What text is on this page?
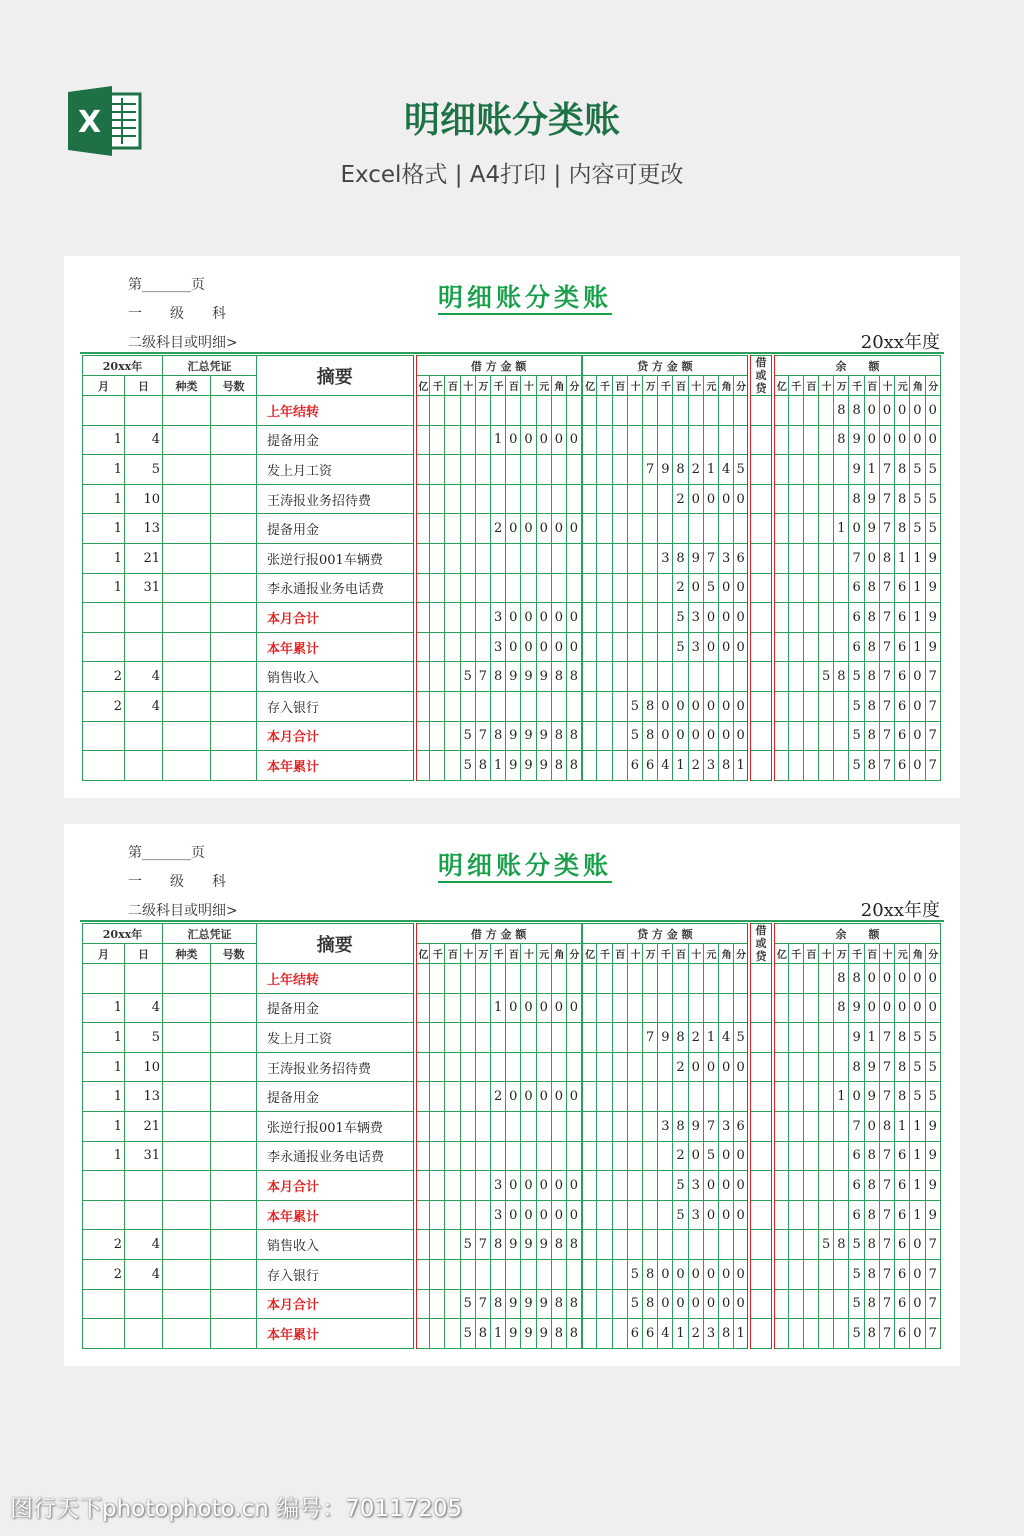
X	明细账分类账
Excel格式 | A4打印 | 内容可更改
第_______页
一　　级　　科
二级科目或明细>
明细账分类账
20xx年度
20xx年		汇总凭证		摘要	借 方 金 额											贷 方 金 额											借或贷	余　　额										
月	日	种类	号数		亿	千	百	十	万	千	百	十	元	角	分	亿	千	百	十	万	千	百	十	元	角	分		亿	千	百	十	万	千	百	十	元	角	分
				上年结转																												8	8	0	0	0	0	0
1	4			提备用金						1	0	0	0	0	0																	8	9	0	0	0	0	0
1	5			发上月工资																7	9	8	2	1	4	5							9	1	7	8	5	5
1	10			王涛报业务招待费																		2	0	0	0	0							8	9	7	8	5	5
1	13			提备用金						2	0	0	0	0	0																	1	0	9	7	8	5	5
1	21			张逆行报001车辆费																	3	8	9	7	3	6							7	0	8	1	1	9
1	31			李永通报业务电话费																		2	0	5	0	0							6	8	7	6	1	9
				本月合计						3	0	0	0	0	0							5	3	0	0	0							6	8	7	6	1	9
				本年累计						3	0	0	0	0	0							5	3	0	0	0							6	8	7	6	1	9
2	4			销售收入				5	7	8	9	9	9	8	8																5	8	5	8	7	6	0	7
2	4			存入银行															5	8	0	0	0	0	0	0							5	8	7	6	0	7
				本月合计				5	7	8	9	9	9	8	8				5	8	0	0	0	0	0	0							5	8	7	6	0	7
				本年累计				5	8	1	9	9	9	8	8				6	6	4	1	2	3	8	1							5	8	7	6	0	7
第_______页
一　　级　　科
二级科目或明细>
明细账分类账
20xx年度
20xx年		汇总凭证		摘要	借 方 金 额											贷 方 金 额											借或贷	余　　额										
月	日	种类	号数		亿	千	百	十	万	千	百	十	元	角	分	亿	千	百	十	万	千	百	十	元	角	分		亿	千	百	十	万	千	百	十	元	角	分
				上年结转																												8	8	0	0	0	0	0
1	4			提备用金						1	0	0	0	0	0																	8	9	0	0	0	0	0
1	5			发上月工资																7	9	8	2	1	4	5							9	1	7	8	5	5
1	10			王涛报业务招待费																		2	0	0	0	0							8	9	7	8	5	5
1	13			提备用金						2	0	0	0	0	0																	1	0	9	7	8	5	5
1	21			张逆行报001车辆费																	3	8	9	7	3	6							7	0	8	1	1	9
1	31			李永通报业务电话费																		2	0	5	0	0							6	8	7	6	1	9
				本月合计						3	0	0	0	0	0							5	3	0	0	0							6	8	7	6	1	9
				本年累计						3	0	0	0	0	0							5	3	0	0	0							6	8	7	6	1	9
2	4			销售收入				5	7	8	9	9	9	8	8																5	8	5	8	7	6	0	7
2	4			存入银行															5	8	0	0	0	0	0	0							5	8	7	6	0	7
				本月合计				5	7	8	9	9	9	8	8				5	8	0	0	0	0	0	0							5	8	7	6	0	7
				本年累计				5	8	1	9	9	9	8	8				6	6	4	1	2	3	8	1							5	8	7	6	0	7
图行天下photophoto.cn 编号：70117205
